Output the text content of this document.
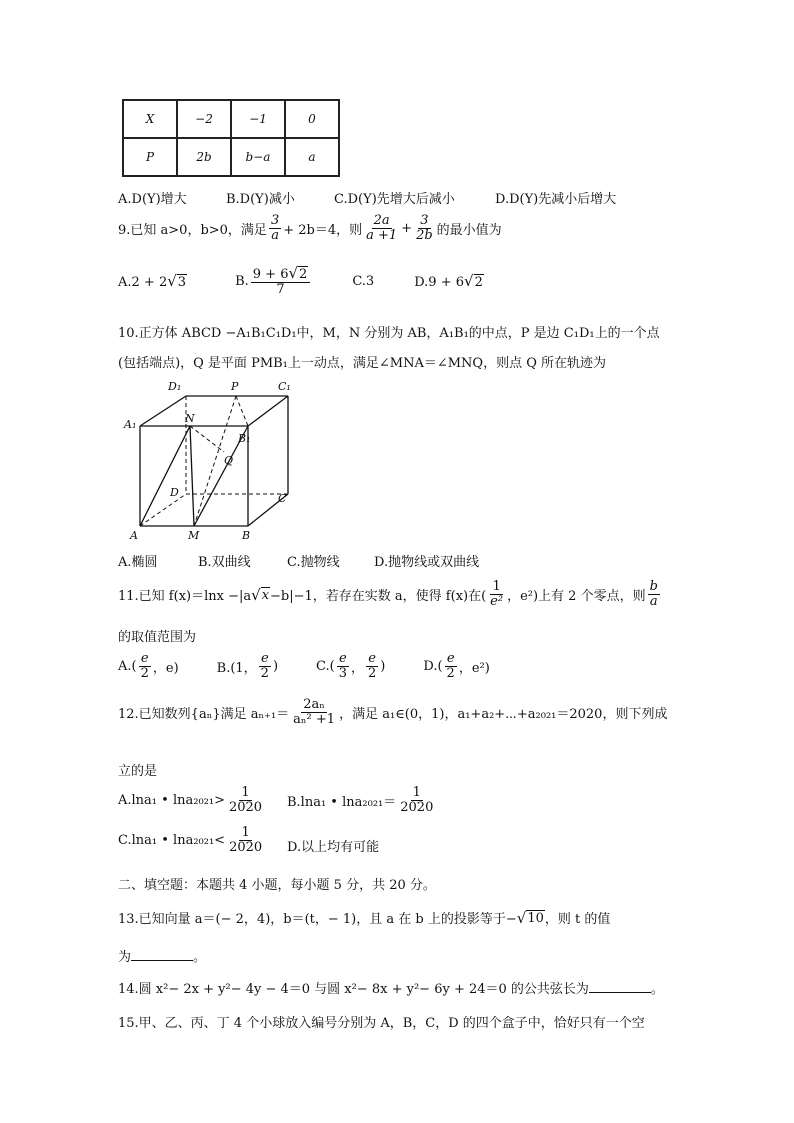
X	−2	−1	0
P	2b	b−a	a
A.D(Y)增大	B.D(Y)减小	C.D(Y)先增大后减小	D.D(Y)先减小后增大
9.已知 a>0，b>0，满足 $\frac{3}{a} + 2b=4$，则 $\frac{2a}{a +1} + \frac{3}{2b}$ 的最小值为
A.2 + 2√3	B. $\frac{9 + 6√2}{7}$	C.3	D.9 + 6√2
10.正方体 ABCD −A₁B₁C₁D₁中，M，N 分别为 AB，A₁B₁的中点，P 是边 C₁D₁上的一个点
(包括端点)，Q 是平面 PMB₁上一动点，满足∠MNA＝∠MNQ，则点 Q 所在轨迹为
D₁	P	C₁
A₁	N
B₁
Q
D	C
A	M	B
A.椭圆	B.双曲线	C.抛物线	D.抛物线或双曲线
11.已知 f(x)＝lnx −|a √ x −b|−1，若存在实数 a，使得 f(x)在( $\frac{1}{\text{e²}}$ ，e²)上有 2 个零点，则 $\frac{b}{a}$
的取值范围为
$A.( \frac{e}{2}$ ，e)	B.(1， $\frac{e}{2}$ )	$C.( \frac{e}{3}$ ， $\frac{e}{2}$ )	$D.( \frac{e}{2}$ ，e²)
12.已知数列{aₙ}满足 $a_{n+1}= \frac{\text{2aₙ}}{\text{aₙ² +1}}$ ，满足 a₁∈(0，1)，a₁+a₂+⋯+a₂₀₂₁＝2020，则下列成
立的是
A.lna₁ • $\ln a_{2021}> \frac{1}{2020} B.\ln a_1$ • $\ln a_{2021}= \frac{1}{2020}$
C.lna₁ • $\ln a_{2021}< \frac{1}{2020} D$.以上均有可能
二、填空题：本题共 4 小题，每小题 5 分，共 20 分。
13.已知向量 a＝(− 2，4)，b＝(t，− 1)，且 a 在 b 上的投影等于− √ 10 ，则 t 的值
为	。
14.圆 x²− 2x + y²− 4y − 4＝0 与圆 x²− 8x + y²− 6y + 24＝0 的公共弦长为	。
15.甲、乙、丙、丁 4 个小球放入编号分别为 A，B，C，D 的四个盒子中，恰好只有一个空
